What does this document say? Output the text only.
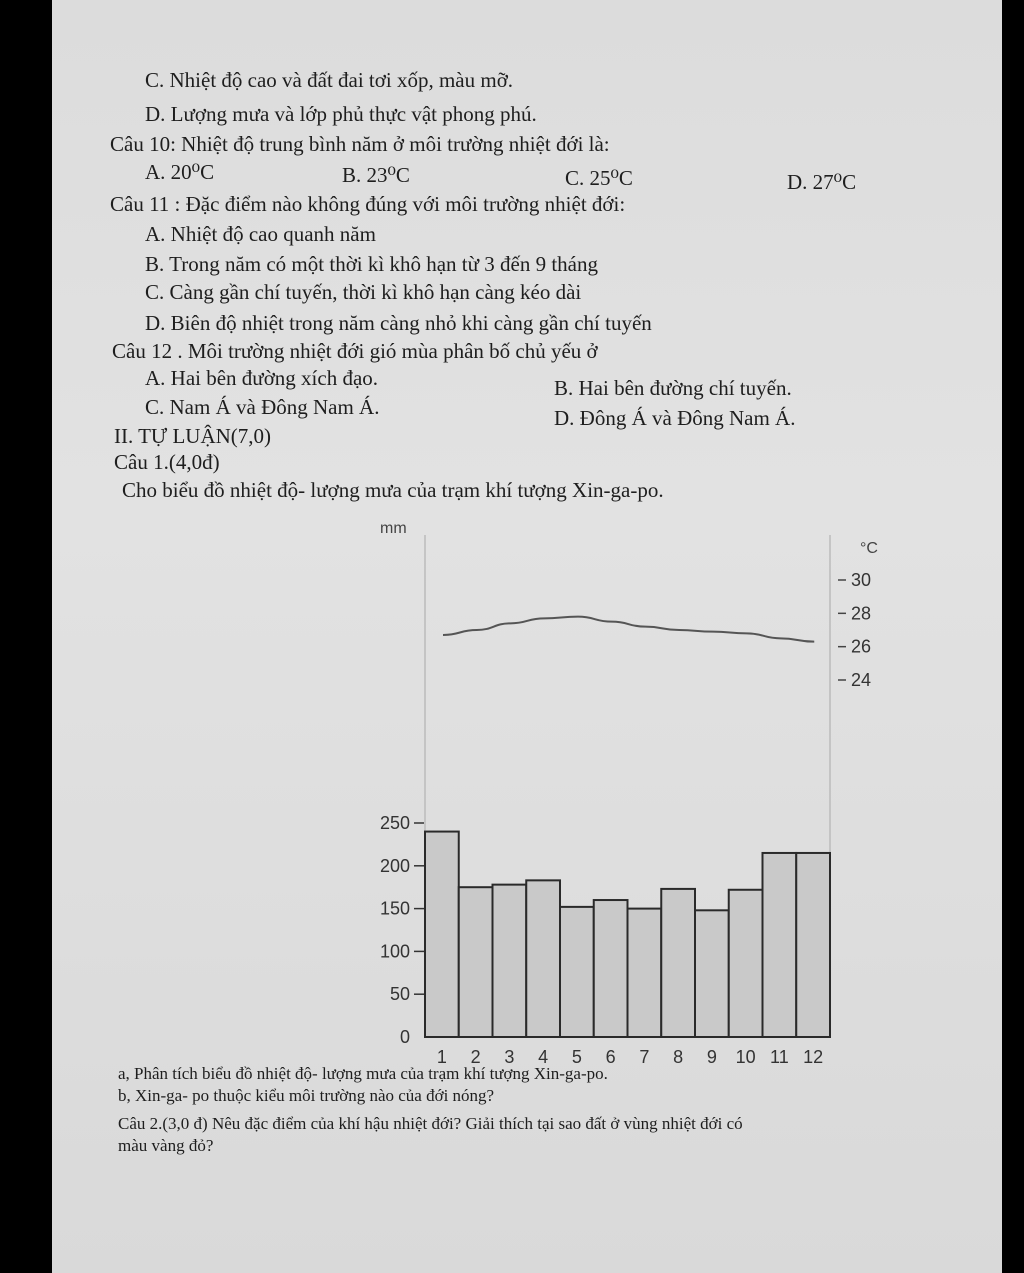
C. Nhiệt độ cao và đất đai tơi xốp, màu mỡ.
D. Lượng mưa và lớp phủ thực vật phong phú.
Câu 10: Nhiệt độ trung bình năm ở môi trường nhiệt đới là:
A. 20⁰C	B. 23⁰C	C. 25⁰C	D. 27⁰C
Câu 11 : Đặc điểm nào không đúng với môi trường nhiệt đới:
A. Nhiệt độ cao quanh năm
B. Trong năm có một thời kì khô hạn từ 3 đến 9 tháng
C. Càng gần chí tuyến, thời kì khô hạn càng kéo dài
D. Biên độ nhiệt trong năm càng nhỏ khi càng gần chí tuyến
Câu 12 . Môi trường nhiệt đới gió mùa phân bố chủ yếu ở
A. Hai bên đường xích đạo.	B. Hai bên đường chí tuyến.
C. Nam Á và Đông Nam Á.	D. Đông Á và Đông Nam Á.
II. TỰ LUẬN(7,0)
Câu 1.(4,0đ)
Cho biểu đồ nhiệt độ- lượng mưa của trạm khí tượng Xin-ga-po.
mm
°C
250
200
150
100
50
0
30
28
26
24
1 2 3 4 5 6 7 8 9 10 11 12
a, Phân tích biểu đồ nhiệt độ- lượng mưa của trạm khí tượng Xin-ga-po.
b, Xin-ga- po thuộc kiểu môi trường nào của đới nóng?
Câu 2.(3,0 đ) Nêu đặc điểm của khí hậu nhiệt đới? Giải thích tại sao đất ở vùng nhiệt đới có
màu vàng đỏ?
